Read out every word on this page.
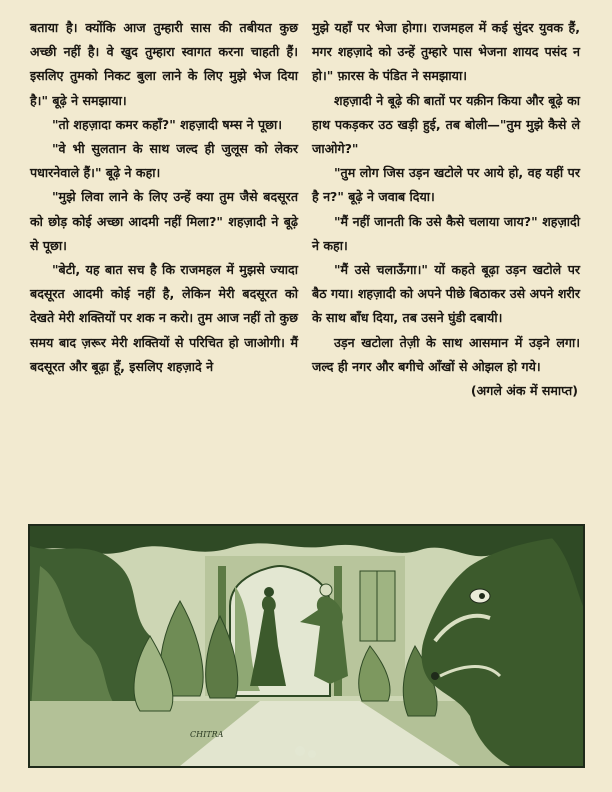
बताया है। क्योंकि आज तुम्हारी सास की तबीयत कुछ अच्छी नहीं है। वे खुद तुम्हारा स्वागत करना चाहती हैं। इसलिए तुमको निकट बुला लाने के लिए मुझे भेज दिया है।" बूढ़े ने समझाया।

"तो शहज़ादा कमर कहाँ?" शहज़ादी षम्स ने पूछा।

"वे भी सुलतान के साथ जल्द ही जुलूस को लेकर पधारनेवाले हैं।" बूढ़े ने कहा।

"मुझे लिवा लाने के लिए उन्हें क्या तुम जैसे बदसूरत को छोड़ कोई अच्छा आदमी नहीं मिला?" शहज़ादी ने बूढ़े से पूछा।

"बेटी, यह बात सच है कि राजमहल में मुझसे ज्यादा बदसूरत आदमी कोई नहीं है, लेकिन मेरी बदसूरत को देखते मेरी शक्तियों पर शक न करो। तुम आज नहीं तो कुछ समय बाद ज़रूर मेरी शक्तियों से परिचित हो जाओगी। मैं बदसूरत और बूढ़ा हूँ, इसलिए शहज़ादे ने

मुझे यहाँ पर भेजा होगा। राजमहल में कई सुंदर युवक हैं, मगर शहज़ादे को उन्हें तुम्हारे पास भेजना शायद पसंद न हो।" फ़ारस के पंडित ने समझाया।

शहज़ादी ने बूढ़े की बातों पर यक़ीन किया और बूढ़े का हाथ पकड़कर उठ खड़ी हुई, तब बोली—"तुम मुझे कैसे ले जाओगे?"

"तुम लोग जिस उड़न खटोले पर आये हो, वह यहीं पर है न?" बूढ़े ने जवाब दिया।

"मैं नहीं जानती कि उसे कैसे चलाया जाय?" शहज़ादी ने कहा।

"मैं उसे चलाऊँगा।" यों कहते बूढ़ा उड़न खटोले पर बैठ गया। शहज़ादी को अपने पीछे बिठाकर उसे अपने शरीर के साथ बाँध दिया, तब उसने घुंडी दबायी।

उड़न खटोला तेज़ी के साथ आसमान में उड़ने लगा। जल्द ही नगर और बगीचे आँखों से ओझल हो गये।

(अगले अंक में समाप्त)

CHITRA
